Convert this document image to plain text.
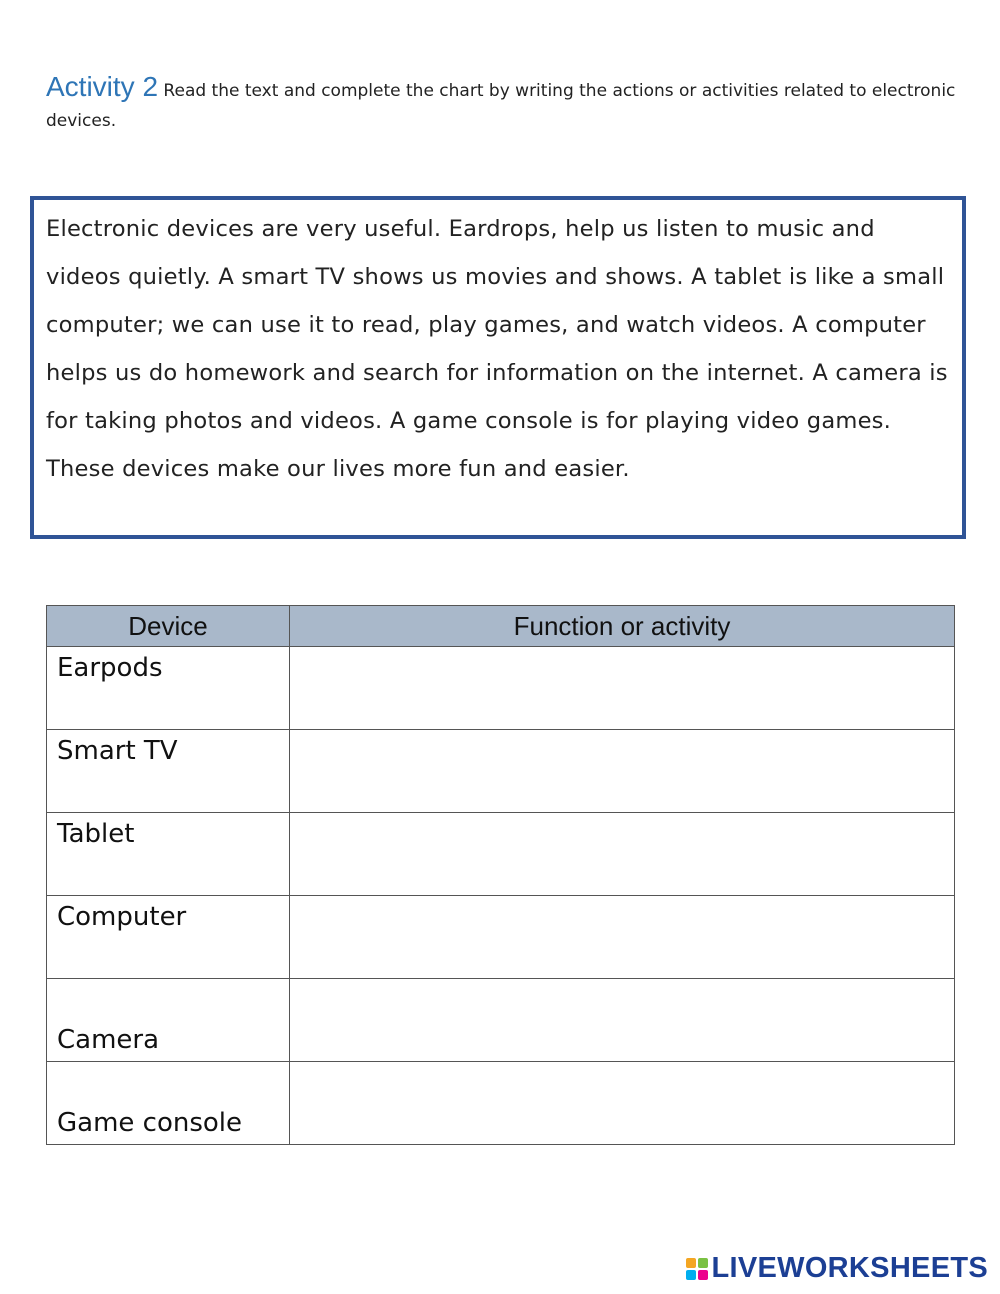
Activity 2 Read the text and complete the chart by writing the actions or activities related to electronic devices.
Electronic devices are very useful. Eardrops, help us listen to music and videos quietly. A smart TV shows us movies and shows. A tablet is like a small computer; we can use it to read, play games, and watch videos. A computer helps us do homework and search for information on the internet. A camera is for taking photos and videos. A game console is for playing video games. These devices make our lives more fun and easier.
Device	Function or activity

Earpods	

Smart TV	

Tablet	

Computer	

Camera	

Game console	

LIVEWORKSHEETS
